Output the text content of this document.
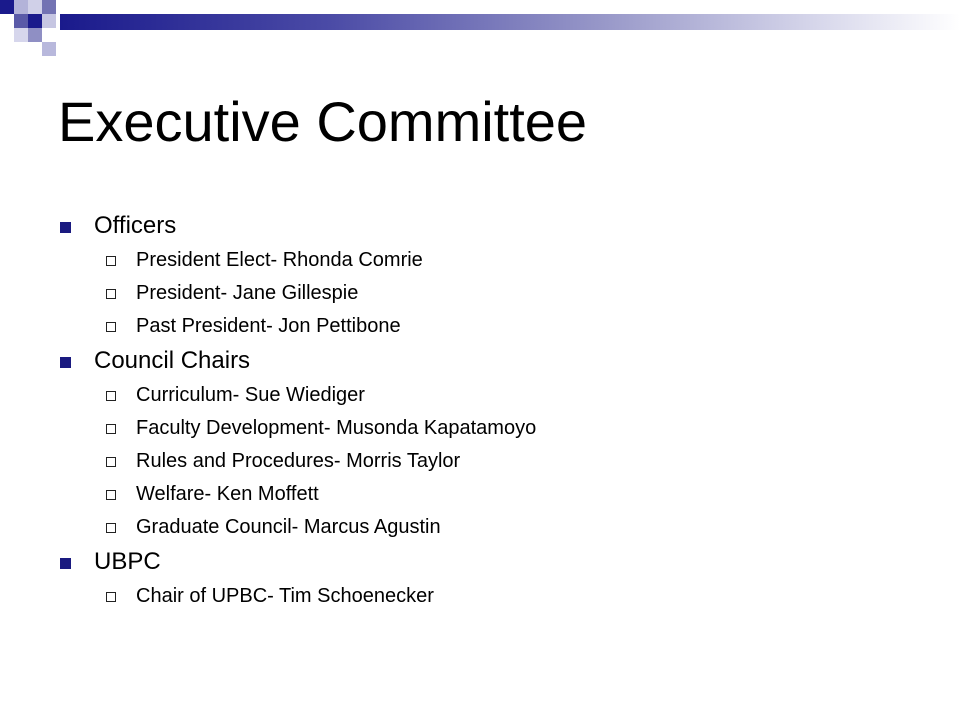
Executive Committee
Officers
President Elect- Rhonda Comrie
President- Jane Gillespie
Past President- Jon Pettibone
Council Chairs
Curriculum- Sue Wiediger
Faculty Development- Musonda Kapatamoyo
Rules and Procedures- Morris Taylor
Welfare- Ken Moffett
Graduate Council- Marcus Agustin
UBPC
Chair of UPBC- Tim Schoenecker
